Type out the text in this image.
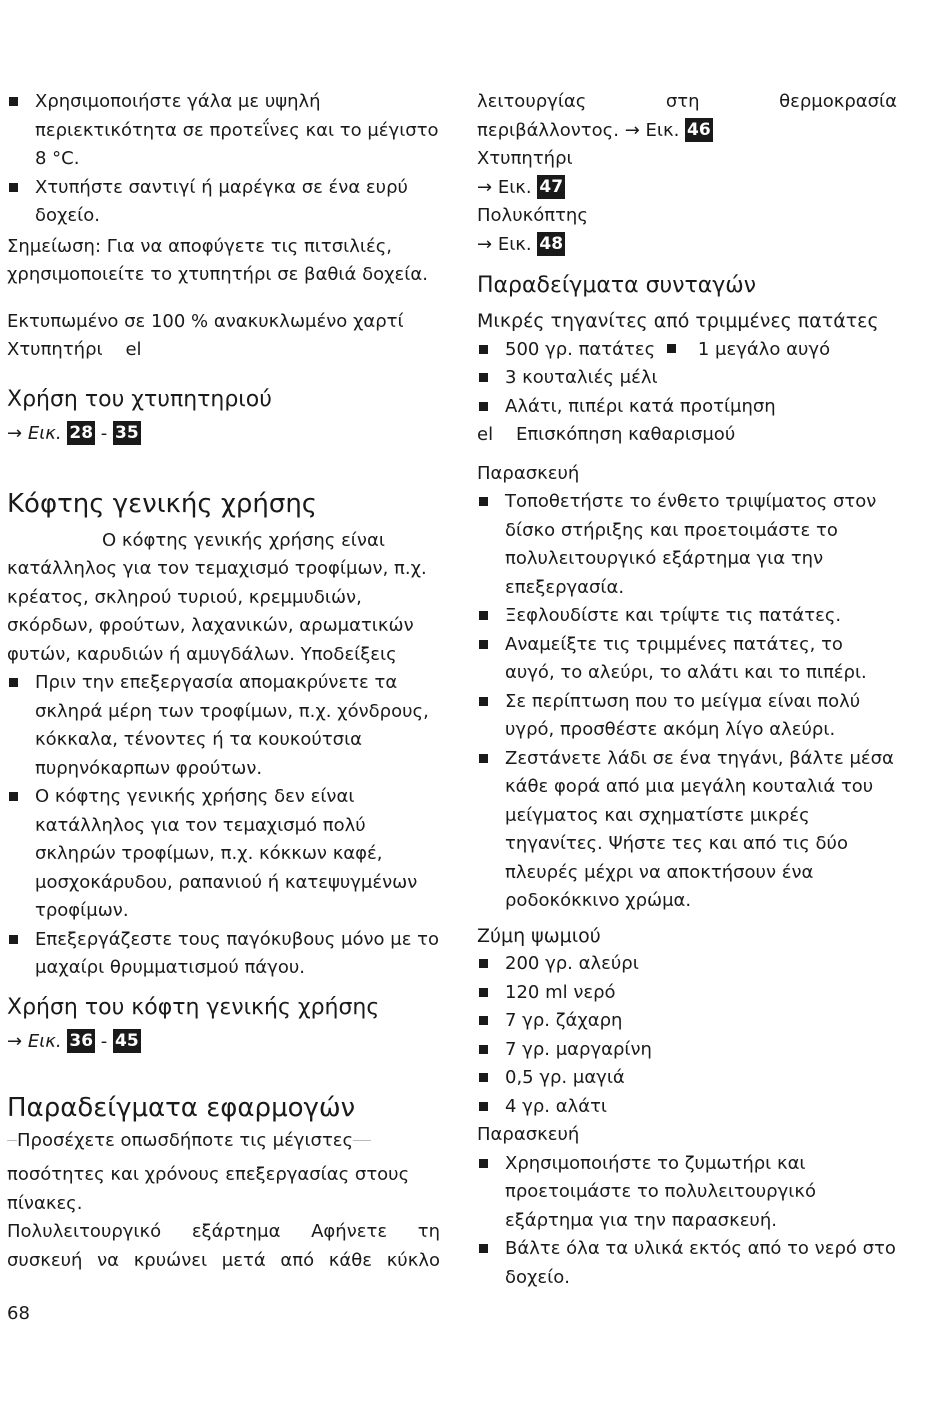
Χρησιμοποιήστε γάλα με υψηλή περιεκτικότητα σε προτεΐνες και το μέγιστο 8 °C.
Χτυπήστε σαντιγί ή μαρέγκα σε ένα ευρύ δοχείο.

Σημείωση: Για να αποφύγετε τις πιτσιλιές, χρησιμοποιείτε το χτυπητήρι σε βαθιά δοχεία.

Εκτυπωμένο σε 100 % ανακυκλωμένο χαρτί

Χτυπητήρι    el

Χρήση του χτυπητηριού
→ Εικ. 28 - 35
Κόφτης γενικής χρήσης

Ο κόφτης γενικής χρήσης είναι κατάλληλος για τον τεμαχισμό τροφίμων, π.χ. κρέατος, σκληρού τυριού, κρεμμυδιών, σκόρδων, φρούτων, λαχανικών, αρωματικών φυτών, καρυδιών ή αμυγδάλων. Υποδείξεις

Πριν την επεξεργασία απομακρύνετε τα σκληρά μέρη των τροφίμων, π.χ. χόνδρους, κόκκαλα, τένοντες ή τα κουκούτσια πυρηνόκαρπων φρούτων.
Ο κόφτης γενικής χρήσης δεν είναι κατάλληλος για τον τεμαχισμό πολύ σκληρών τροφίμων, π.χ. κόκκων καφέ, μοσχοκάρυδου, ραπανιού ή κατεψυγμένων τροφίμων.
Επεξεργάζεστε τους παγόκυβους μόνο με το μαχαίρι θρυμματισμού πάγου.
Χρήση του κόφτη γενικής χρήσης
→ Εικ. 36 - 45
Παραδείγματα εφαρμογών

Προσέχετε οπωσδήποτε τις μέγιστες

ποσότητες και χρόνους επεξεργασίας στους πίνακες.

Πολυλειτουργικό εξάρτημα Αφήνετε τη

συσκευή να κρυώνει μετά από κάθε κύκλο

λειτουργίας στη θερμοκρασία

περιβάλλοντος. → Εικ. 46

Χτυπητήρι

→ Εικ. 47

Πολυκόπτης

→ Εικ. 48

Παραδείγματα συνταγών

Μικρές τηγανίτες από τριμμένες πατάτες

500 γρ. πατάτες 1 μεγάλο αυγό
3 κουταλιές μέλι
Αλάτι, πιπέρι κατά προτίμηση

el    Επισκόπηση καθαρισμού

Παρασκευή

Τοποθετήστε το ένθετο τριψίματος στον δίσκο στήριξης και προετοιμάστε το πολυλειτουργικό εξάρτημα για την επεξεργασία.
Ξεφλουδίστε και τρίψτε τις πατάτες.
Αναμείξτε τις τριμμένες πατάτες, το αυγό, το αλεύρι, το αλάτι και το πιπέρι.
Σε περίπτωση που το μείγμα είναι πολύ υγρό, προσθέστε ακόμη λίγο αλεύρι.
Ζεστάνετε λάδι σε ένα τηγάνι, βάλτε μέσα κάθε φορά από μια μεγάλη κουταλιά του μείγματος και σχηματίστε μικρές τηγανίτες. Ψήστε τες και από τις δύο πλευρές μέχρι να αποκτήσουν ένα ροδοκόκκινο χρώμα.

Ζύμη ψωμιού

200 γρ. αλεύρι
120 ml νερό
7 γρ. ζάχαρη
7 γρ. μαργαρίνη
0,5 γρ. μαγιά
4 γρ. αλάτι

Παρασκευή

Χρησιμοποιήστε το ζυμωτήρι και προετοιμάστε το πολυλειτουργικό εξάρτημα για την παρασκευή.
Βάλτε όλα τα υλικά εκτός από το νερό στο δοχείο.
68
